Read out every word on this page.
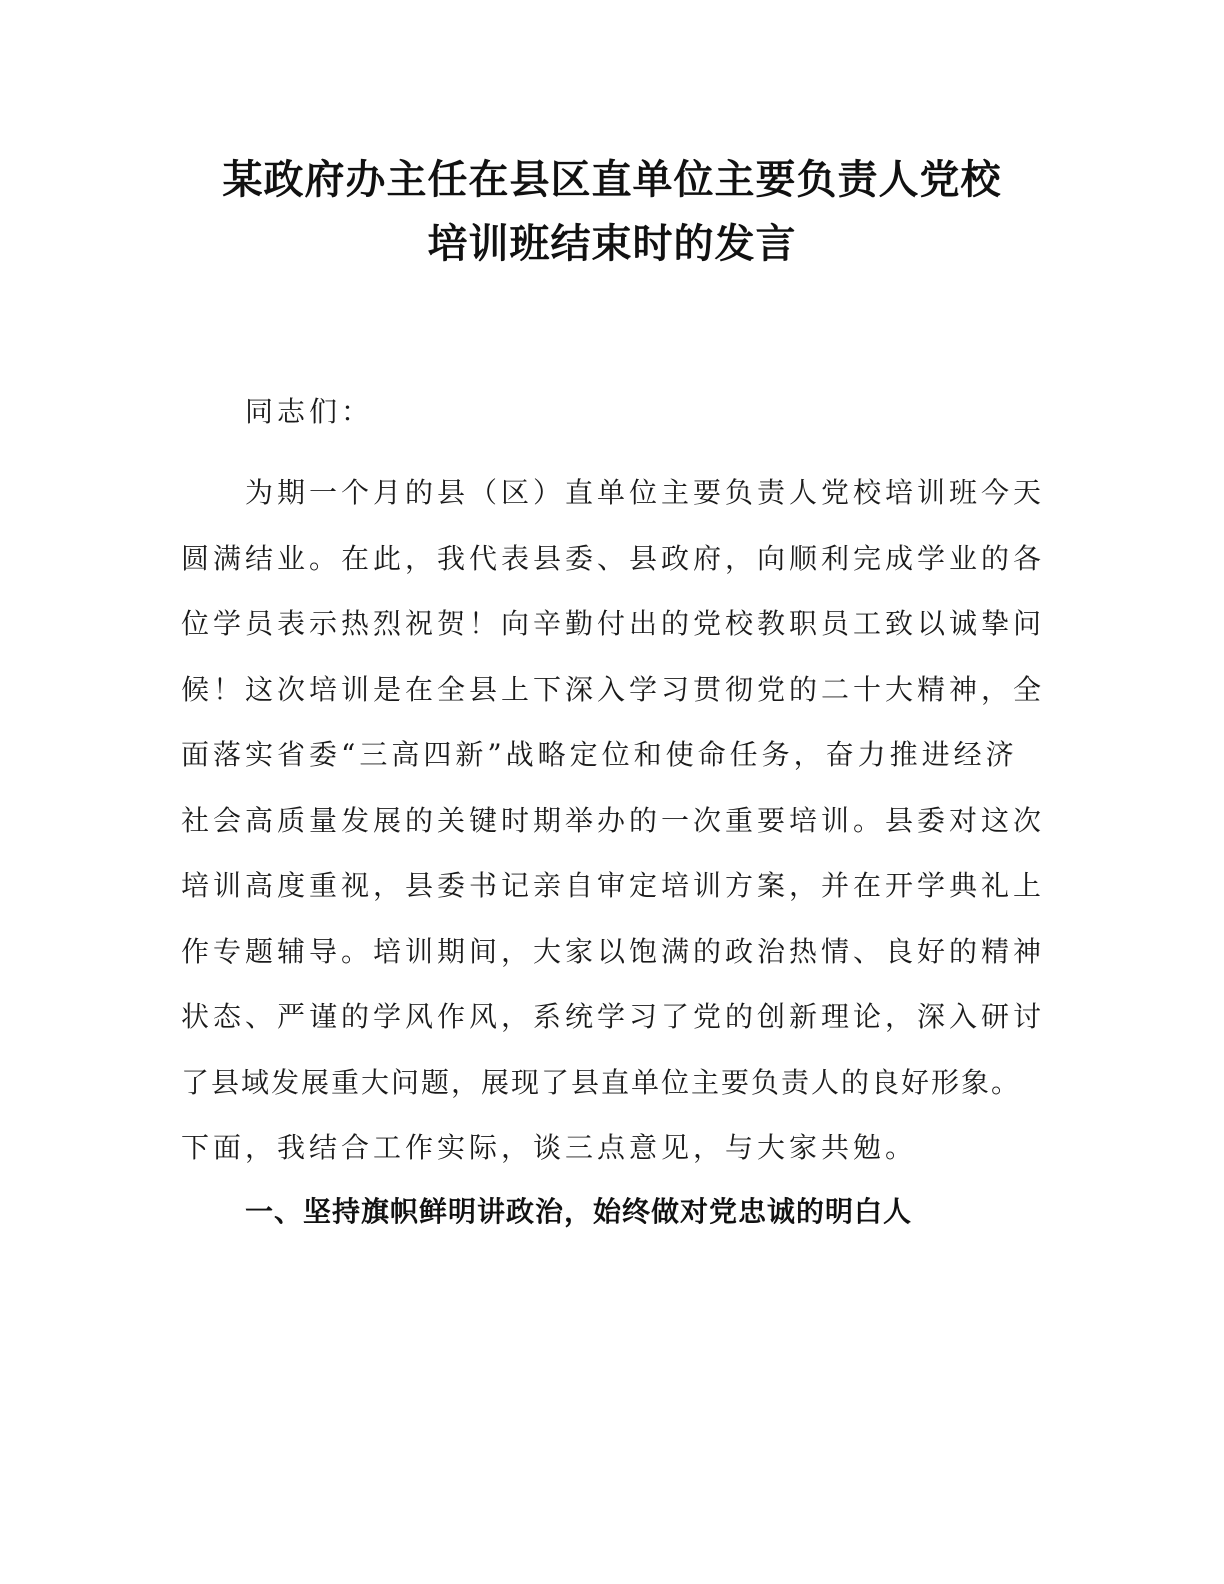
某政府办主任在县区直单位主要负责人党校
培训班结束时的发言

同志们：

为期一个月的县（区）直单位主要负责人党校培训班今天
圆满结业。在此，我代表县委、县政府，向顺利完成学业的各
位学员表示热烈祝贺！向辛勤付出的党校教职员工致以诚挚问
候！这次培训是在全县上下深入学习贯彻党的二十大精神，全
面落实省委“三高四新”战略定位和使命任务，奋力推进经济
社会高质量发展的关键时期举办的一次重要培训。县委对这次
培训高度重视，县委书记亲自审定培训方案，并在开学典礼上
作专题辅导。培训期间，大家以饱满的政治热情、良好的精神
状态、严谨的学风作风，系统学习了党的创新理论，深入研讨
了县域发展重大问题，展现了县直单位主要负责人的良好形象。
下面，我结合工作实际，谈三点意见，与大家共勉。

一、坚持旗帜鲜明讲政治，始终做对党忠诚的明白人
